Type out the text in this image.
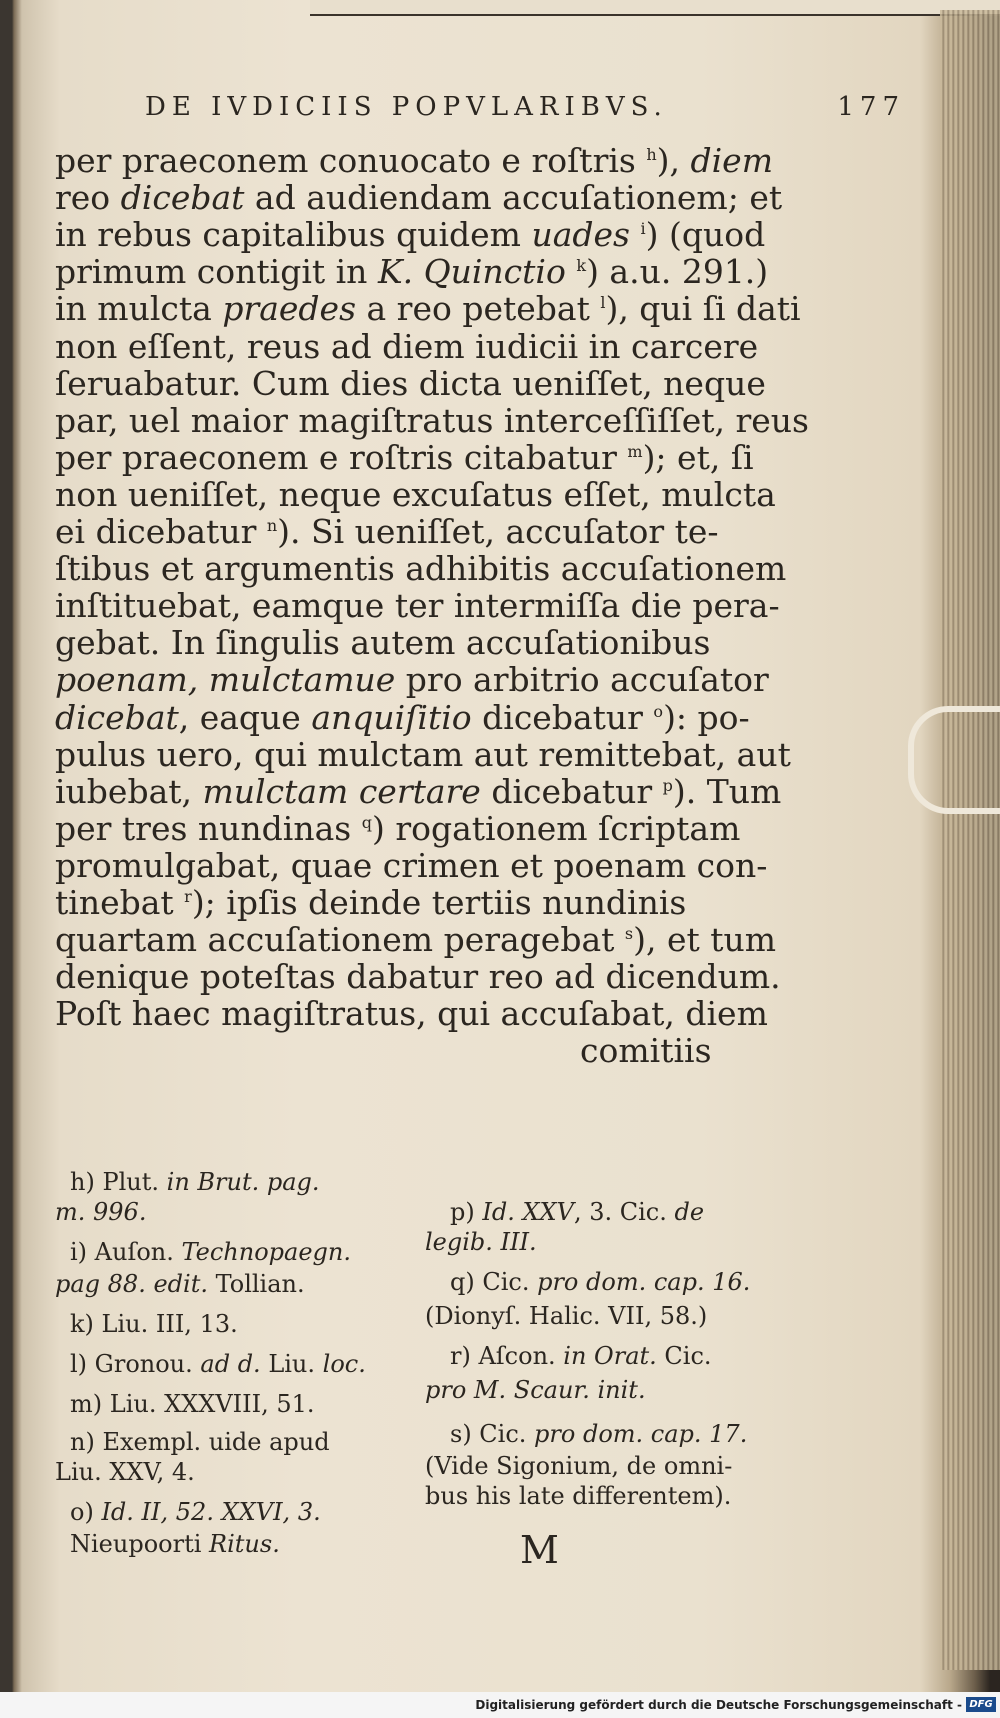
DE IVDICIIS POPVLARIBVS.	177
per praeconem conuocato e roſtris $^h$), diem
reo dicebat ad audiendam accuſationem; et
in rebus capitalibus quidem uades $^i$) (quod
primum contigit in K. Quinctio $^k$) a.u. 291.)
in mulcta praedes a reo petebat $^l$), qui ſi dati
non eſſent, reus ad diem iudicii in carcere
ſeruabatur. Cum dies dicta ueniſſet, neque
par, uel maior magiſtratus interceſſiſſet, reus
per praeconem e roſtris citabatur $^m$); et, ſi
non ueniſſet, neque excuſatus eſſet, mulcta
ei dicebatur $^n$). Si ueniſſet, accuſator te-
ſtibus et argumentis adhibitis accuſationem
inſtituebat, eamque ter intermiſſa die pera-
gebat. In ſingulis autem accuſationibus
poenam, mulctamue pro arbitrio accuſator
dicebat, eaque anquiſitio dicebatur $^o$): po-
pulus uero, qui mulctam aut remittebat, aut
iubebat, mulctam certare dicebatur $^p$). Tum
per tres nundinas $^q$) rogationem ſcriptam
promulgabat, quae crimen et poenam con-
tinebat $^r$); ipſis deinde tertiis nundinis
quartam accuſationem peragebat $^s$), et tum
denique poteſtas dabatur reo ad dicendum.
Poſt haec magiſtratus, qui accuſabat, diem
comitiis
h) Plut. in Brut. pag.
m. 996.
i) Auſon. Technopaegn.
pag 88. edit. Tollian.
k) Liu. III, 13.
l) Gronou. ad d. Liu. loc.
m) Liu. XXXVIII, 51.
n) Exempl. uide apud
Liu. XXV, 4.
o) Id. II, 52. XXVI, 3.
Nieupoorti Ritus.
p) Id. XXV, 3. Cic. de
legib. III.
q) Cic. pro dom. cap. 16.
(Dionyſ. Halic. VII, 58.)
r) Aſcon. in Orat. Cic.
pro M. Scaur. init.
s) Cic. pro dom. cap. 17.
(Vide Sigonium, de omni-
bus his late differentem).
M
Digitalisierung gefördert durch die Deutsche Forschungsgemeinschaft - DFG
